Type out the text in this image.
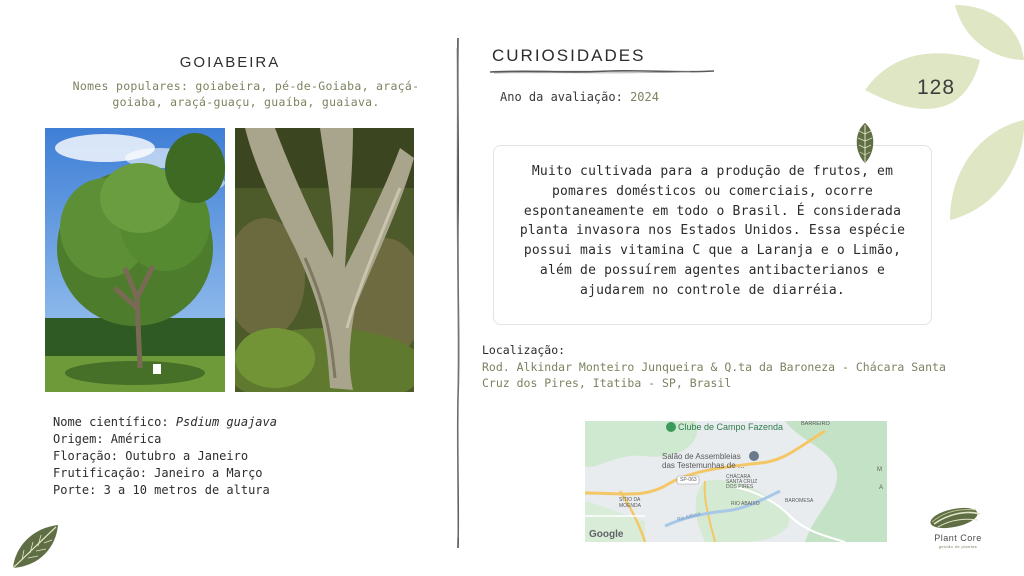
GOIABEIRA
Nomes populares: goiabeira, pé-de-Goiaba, araçá-goiaba, araçá-guaçu, guaíba, guaiava.
Nome científico: Psdium guajava
Origem: América
Floração: Outubro a Janeiro
Frutificação: Janeiro a Março
Porte: 3 a 10 metros de altura
CURIOSIDADES
Ano da avaliação: 2024

Muito cultivada para a produção de frutos, em pomares domésticos ou comerciais, ocorre espontaneamente em todo o Brasil. É considerada planta invasora nos Estados Unidos. Essa espécie possui mais vitamina C que a Laranja e o Limão, além de possuírem agentes antibacterianos e ajudarem no controle de diarréia.

Localização:
Rod. Alkindar Monteiro Junqueira & Q.ta da Baroneza - Chácara Santa Cruz dos Pires, Itatiba - SP, Brasil
Clube de Campo Fazenda
Salão de Assembleias
das Testemunhas de ...
BARREIRO
SP-063	CHÁCARA
SANTA CRUZ
DOS PIRES
SÍTIO DA
MOENDA	RIO ABAIXO	BAROMESA
Rio Atibaia
M
A
Google
128
Plant Core
gestão de plantas
